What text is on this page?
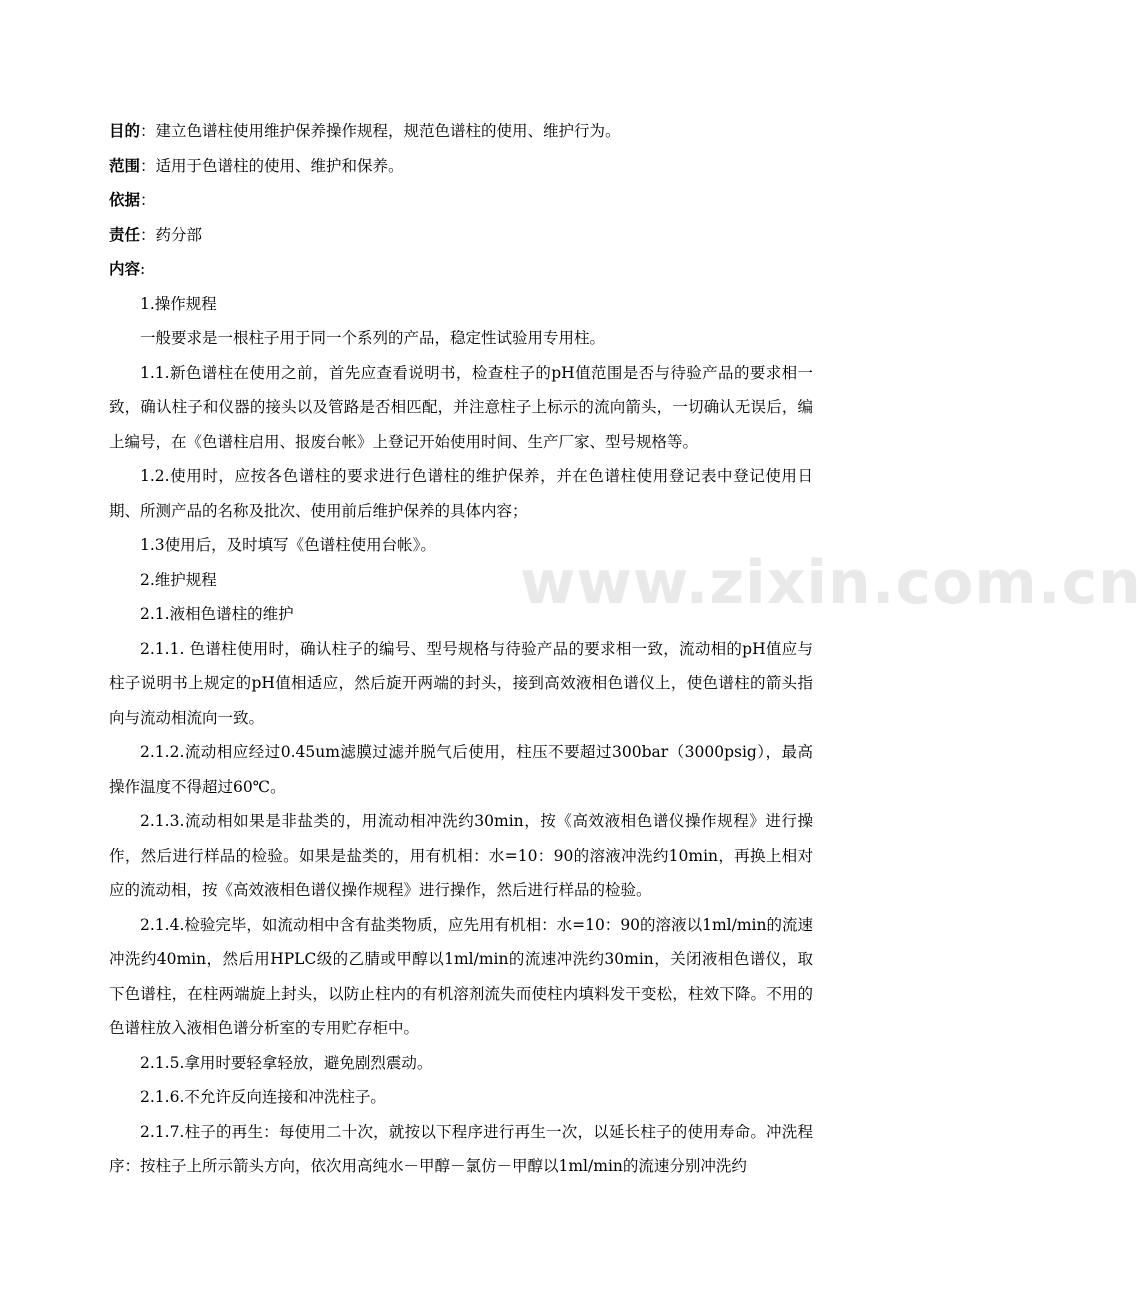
www.zixin.com.cn

目的：建立色谱柱使用维护保养操作规程，规范色谱柱的使用、维护行为。

范围：适用于色谱柱的使用、维护和保养。

依据：

责任：药分部

内容:

1.操作规程

一般要求是一根柱子用于同一个系列的产品，稳定性试验用专用柱。

1.1.新色谱柱在使用之前，首先应查看说明书，检查柱子的pH值范围是否与待验产品的要求相一致，确认柱子和仪器的接头以及管路是否相匹配，并注意柱子上标示的流向箭头，一切确认无误后，编上编号，在《色谱柱启用、报废台帐》上登记开始使用时间、生产厂家、型号规格等。

1.2.使用时，应按各色谱柱的要求进行色谱柱的维护保养，并在色谱柱使用登记表中登记使用日期、所测产品的名称及批次、使用前后维护保养的具体内容；

1.3使用后，及时填写《色谱柱使用台帐》。

2.维护规程

2.1.液相色谱柱的维护

2.1.1. 色谱柱使用时，确认柱子的编号、型号规格与待验产品的要求相一致，流动相的pH值应与柱子说明书上规定的pH值相适应，然后旋开两端的封头，接到高效液相色谱仪上，使色谱柱的箭头指向与流动相流向一致。

2.1.2.流动相应经过0.45um滤膜过滤并脱气后使用，柱压不要超过300bar（3000psig），最高操作温度不得超过60℃。

2.1.3.流动相如果是非盐类的，用流动相冲洗约30min，按《高效液相色谱仪操作规程》进行操作，然后进行样品的检验。如果是盐类的，用有机相：水=10：90的溶液冲洗约10min，再换上相对应的流动相，按《高效液相色谱仪操作规程》进行操作，然后进行样品的检验。

2.1.4.检验完毕，如流动相中含有盐类物质，应先用有机相：水=10：90的溶液以1ml/min的流速冲洗约40min，然后用HPLC级的乙腈或甲醇以1ml/min的流速冲洗约30min，关闭液相色谱仪，取下色谱柱，在柱两端旋上封头，以防止柱内的有机溶剂流失而使柱内填料发干变松，柱效下降。不用的色谱柱放入液相色谱分析室的专用贮存柜中。

2.1.5.拿用时要轻拿轻放，避免剧烈震动。

2.1.6.不允许反向连接和冲洗柱子。

2.1.7.柱子的再生：每使用二十次，就按以下程序进行再生一次，以延长柱子的使用寿命。冲洗程序：按柱子上所示箭头方向，依次用高纯水－甲醇－氯仿－甲醇以1ml/min的流速分别冲洗约
